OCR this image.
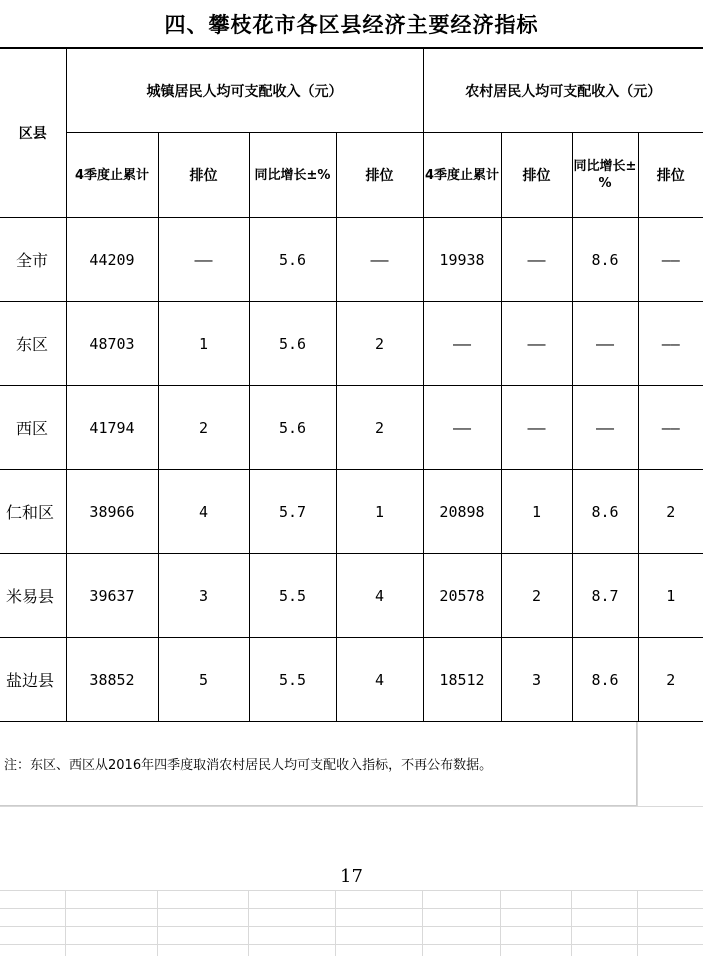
四、攀枝花市各区县经济主要经济指标
区县	城镇居民人均可支配收入（元）				农村居民人均可支配收入（元）			
	4季度止累计	排位	同比增长±%	排位	4季度止累计	排位	同比增长±%	排位
全市	44209	——	5.6	——	19938	——	8.6	——
东区	48703	1	5.6	2	——	——	——	——
西区	41794	2	5.6	2	——	——	——	——
仁和区	38966	4	5.7	1	20898	1	8.6	2
米易县	39637	3	5.5	4	20578	2	8.7	1
盐边县	38852	5	5.5	4	18512	3	8.6	2
注：东区、西区从2016年四季度取消农村居民人均可支配收入指标，不再公布数据。
17
